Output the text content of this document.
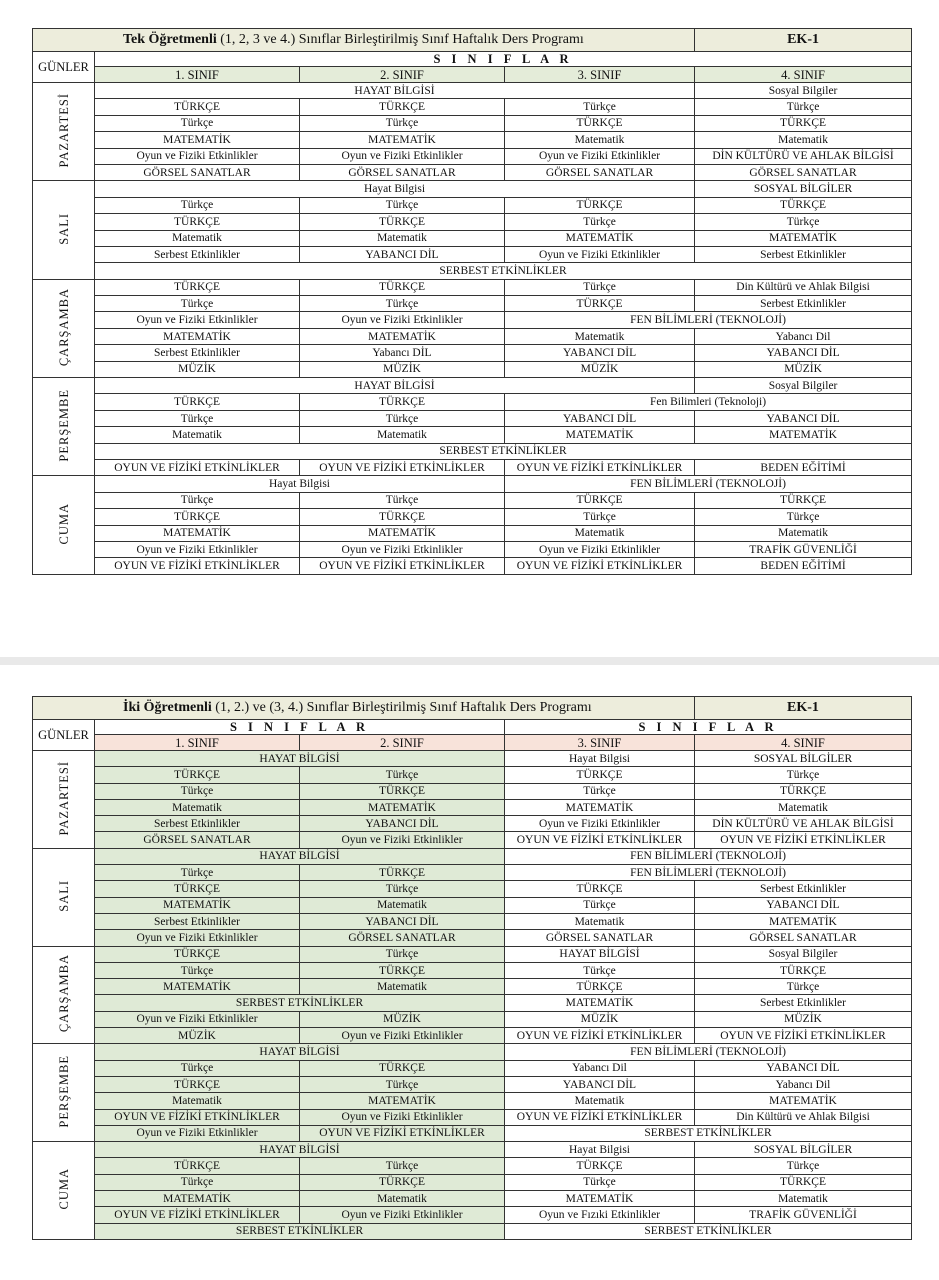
Tek Öğretmenli (1, 2, 3 ve 4.) Sınıflar Birleştirilmiş Sınıf Haftalık Ders Programı				EK-1
GÜNLER	S I N I F L A R			
	1. SINIF	2. SINIF	3. SINIF	4. SINIF
PAZARTESİ	HAYAT BİLGİSİ			Sosyal Bilgiler
	TÜRKÇE	TÜRKÇE	Türkçe	Türkçe
	Türkçe	Türkçe	TÜRKÇE	TÜRKÇE
	MATEMATİK	MATEMATİK	Matematik	Matematik
	Oyun ve Fiziki Etkinlikler	Oyun ve Fiziki Etkinlikler	Oyun ve Fiziki Etkinlikler	DİN KÜLTÜRÜ VE AHLAK BİLGİSİ
	GÖRSEL SANATLAR	GÖRSEL SANATLAR	GÖRSEL SANATLAR	GÖRSEL SANATLAR
SALI	Hayat Bilgisi			SOSYAL BİLGİLER
	Türkçe	Türkçe	TÜRKÇE	TÜRKÇE
	TÜRKÇE	TÜRKÇE	Türkçe	Türkçe
	Matematik	Matematik	MATEMATİK	MATEMATİK
	Serbest Etkinlikler	YABANCI DİL	Oyun ve Fiziki Etkinlikler	Serbest Etkinlikler
	SERBEST ETKİNLİKLER			
ÇARŞAMBA	TÜRKÇE	TÜRKÇE	Türkçe	Din Kültürü ve Ahlak Bilgisi
	Türkçe	Türkçe	TÜRKÇE	Serbest Etkinlikler
	Oyun ve Fiziki Etkinlikler	Oyun ve Fiziki Etkinlikler	FEN BİLİMLERİ (TEKNOLOJİ)	
	MATEMATİK	MATEMATİK	Matematik	Yabancı Dil
	Serbest Etkinlikler	Yabancı DİL	YABANCI DİL	YABANCI DİL
	MÜZİK	MÜZİK	MÜZİK	MÜZİK
PERŞEMBE	HAYAT BİLGİSİ			Sosyal Bilgiler
	TÜRKÇE	TÜRKÇE	Fen Bilimleri (Teknoloji)	
	Türkçe	Türkçe	YABANCI DİL	YABANCI DİL
	Matematik	Matematik	MATEMATİK	MATEMATİK
	SERBEST ETKİNLİKLER			
	OYUN VE FİZİKİ ETKİNLİKLER	OYUN VE FİZİKİ ETKİNLİKLER	OYUN VE FİZİKİ ETKİNLİKLER	BEDEN EĞİTİMİ
CUMA	Hayat Bilgisi		FEN BİLİMLERİ (TEKNOLOJİ)	
	Türkçe	Türkçe	TÜRKÇE	TÜRKÇE
	TÜRKÇE	TÜRKÇE	Türkçe	Türkçe
	MATEMATİK	MATEMATİK	Matematik	Matematik
	Oyun ve Fiziki Etkinlikler	Oyun ve Fiziki Etkinlikler	Oyun ve Fiziki Etkinlikler	TRAFİK GÜVENLİĞİ
	OYUN VE FİZİKİ ETKİNLİKLER	OYUN VE FİZİKİ ETKİNLİKLER	OYUN VE FİZİKİ ETKİNLİKLER	BEDEN EĞİTİMİ
İki Öğretmenli (1, 2.) ve (3, 4.) Sınıflar Birleştirilmiş Sınıf Haftalık Ders Programı				EK-1
GÜNLER	S I N I F L A R		S I N I F L A R	
	1. SINIF	2. SINIF	3. SINIF	4. SINIF
PAZARTESİ	HAYAT BİLGİSİ		Hayat Bilgisi	SOSYAL BİLGİLER
	TÜRKÇE	Türkçe	TÜRKÇE	Türkçe
	Türkçe	TÜRKÇE	Türkçe	TÜRKÇE
	Matematik	MATEMATİK	MATEMATİK	Matematik
	Serbest Etkinlikler	YABANCI DİL	Oyun ve Fiziki Etkinlikler	DİN KÜLTÜRÜ VE AHLAK BİLGİSİ
	GÖRSEL SANATLAR	Oyun ve Fiziki Etkinlikler	OYUN VE FİZİKİ ETKİNLİKLER	OYUN VE FİZİKİ ETKİNLİKLER
SALI	HAYAT BİLGİSİ		FEN BİLİMLERİ (TEKNOLOJİ)	
	Türkçe	TÜRKÇE	FEN BİLİMLERİ (TEKNOLOJİ)	
	TÜRKÇE	Türkçe	TÜRKÇE	Serbest Etkinlikler
	MATEMATİK	Matematik	Türkçe	YABANCI DİL
	Serbest Etkinlikler	YABANCI DİL	Matematik	MATEMATİK
	Oyun ve Fiziki Etkinlikler	GÖRSEL SANATLAR	GÖRSEL SANATLAR	GÖRSEL SANATLAR
ÇARŞAMBA	TÜRKÇE	Türkçe	HAYAT BİLGİSİ	Sosyal Bilgiler
	Türkçe	TÜRKÇE	Türkçe	TÜRKÇE
	MATEMATİK	Matematik	TÜRKÇE	Türkçe
	SERBEST ETKİNLİKLER		MATEMATİK	Serbest Etkinlikler
	Oyun ve Fiziki Etkinlikler	MÜZİK	MÜZİK	MÜZİK
	MÜZİK	Oyun ve Fiziki Etkinlikler	OYUN VE FİZİKİ ETKİNLİKLER	OYUN VE FİZİKİ ETKİNLİKLER
PERŞEMBE	HAYAT BİLGİSİ		FEN BİLİMLERİ (TEKNOLOJİ)	
	Türkçe	TÜRKÇE	Yabancı Dil	YABANCI DİL
	TÜRKÇE	Türkçe	YABANCI DİL	Yabancı Dil
	Matematik	MATEMATİK	Matematik	MATEMATİK
	OYUN VE FİZİKİ ETKİNLİKLER	Oyun ve Fiziki Etkinlikler	OYUN VE FİZİKİ ETKİNLİKLER	Din Kültürü ve Ahlak Bilgisi
	Oyun ve Fiziki Etkinlikler	OYUN VE FİZİKİ ETKİNLİKLER	SERBEST ETKİNLİKLER	
CUMA	HAYAT BİLGİSİ		Hayat Bilgisi	SOSYAL BİLGİLER
	TÜRKÇE	Türkçe	TÜRKÇE	Türkçe
	Türkçe	TÜRKÇE	Türkçe	TÜRKÇE
	MATEMATİK	Matematik	MATEMATİK	Matematik
	OYUN VE FİZİKİ ETKİNLİKLER	Oyun ve Fiziki Etkinlikler	Oyun ve Fızıki Etkinlikler	TRAFİK GÜVENLİĞİ
	SERBEST ETKİNLİKLER		SERBEST ETKİNLİKLER	
